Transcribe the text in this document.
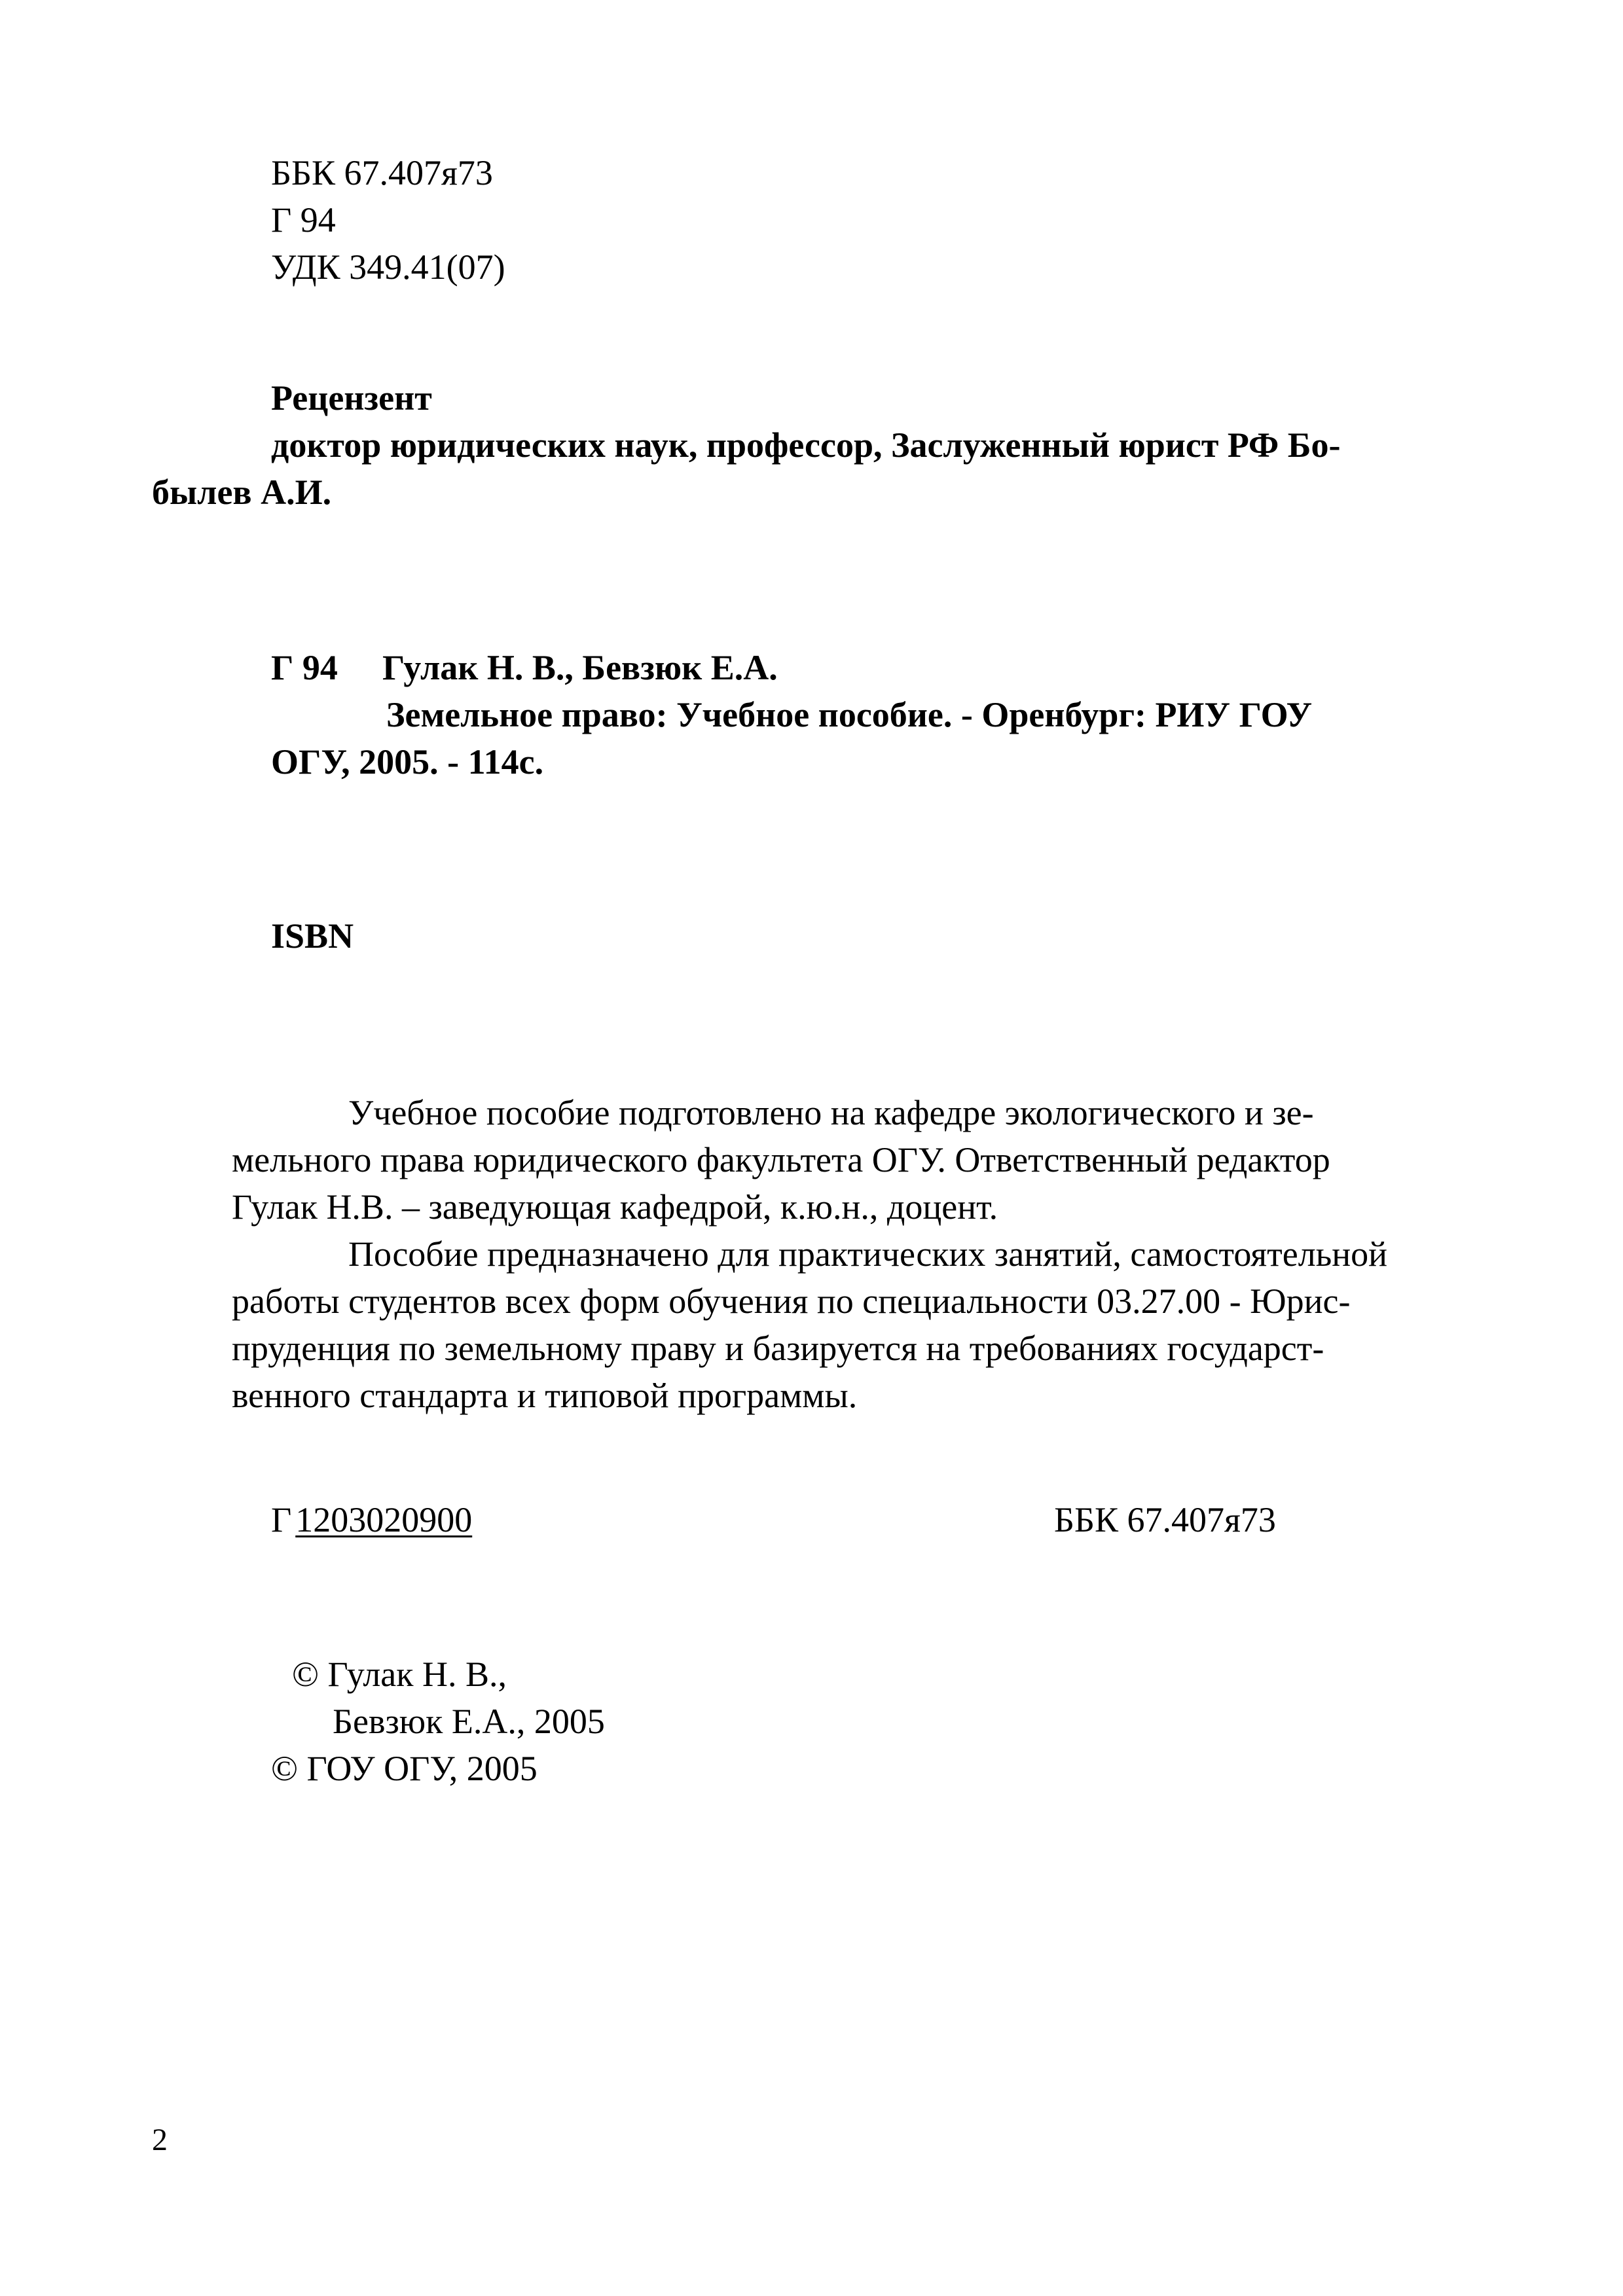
ББК 67.407я73
Г 94
УДК 349.41(07)
Рецензент
доктор юридических наук, профессор, Заслуженный юрист РФ Бо-
былев А.И.
Г 94 Гулак Н. В., Бевзюк Е.А.
Земельное право: Учебное пособие. - Оренбург: РИУ ГОУ
ОГУ, 2005. - 114с.
ISBN
Учебное пособие подготовлено на кафедре экологического и зе-
мельного права юридического факультета ОГУ. Ответственный редактор
Гулак Н.В. – заведующая кафедрой, к.ю.н., доцент.
Пособие предназначено для практических занятий, самостоятельной
работы студентов всех форм обучения по специальности 03.27.00 - Юрис-
пруденция по земельному праву и базируется на требованиях государст-
венного стандарта и типовой программы.
Г 1203020900	ББК 67.407я73
© Гулак Н. В.,
Бевзюк Е.А., 2005
© ГОУ ОГУ, 2005
2
